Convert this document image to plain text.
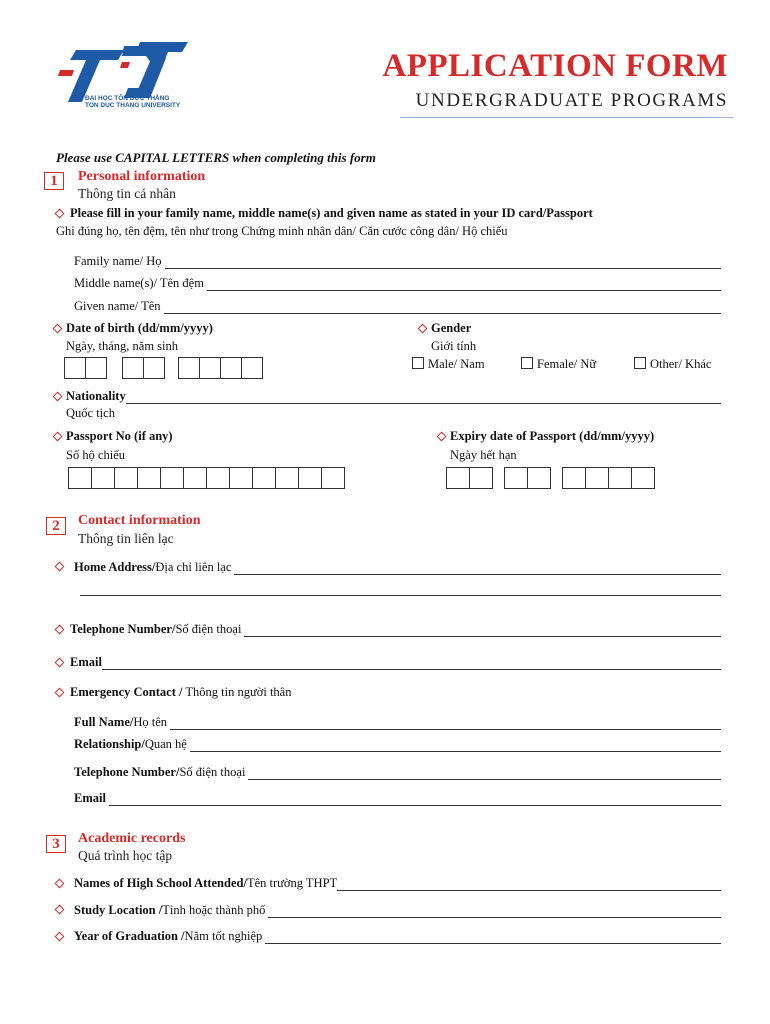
ĐẠI HỌC TÔN ĐỨC THẮNG
TON DUC THANG UNIVERSITY
APPLICATION FORM
UNDERGRADUATE PROGRAMS
Please use CAPITAL LETTERS when completing this form
1	Personal information
Thông tin cá nhân
Please fill in your family name, middle name(s) and given name as stated in your ID card/Passport
Ghi đúng họ, tên đệm, tên như trong Chứng minh nhân dân/ Căn cước công dân/ Hộ chiếu
Family name/ Họ
Middle name(s)/ Tên đệm
Given name/ Tên
Date of birth (dd/mm/yyyy)
Ngày, tháng, năm sinh
Gender
Giới tính
Male/ Nam	Female/ Nữ	Other/ Khác
Nationality
Quốc tịch
Passport No (if any)
Số hộ chiếu
Expiry date of Passport (dd/mm/yyyy)
Ngày hết hạn
2	Contact information
Thông tin liên lạc
Home Address/ Địa chỉ liên lạc
Telephone Number/ Số điện thoại
Email
Emergency Contact / Thông tin người thân
Full Name/ Họ tên
Relationship/ Quan hệ
Telephone Number/ Số điện thoại
Email
3	Academic records
Quá trình học tập
Names of High School Attended/ Tên trường THPT
Study Location / Tỉnh hoặc thành phố
Year of Graduation / Năm tốt nghiệp
